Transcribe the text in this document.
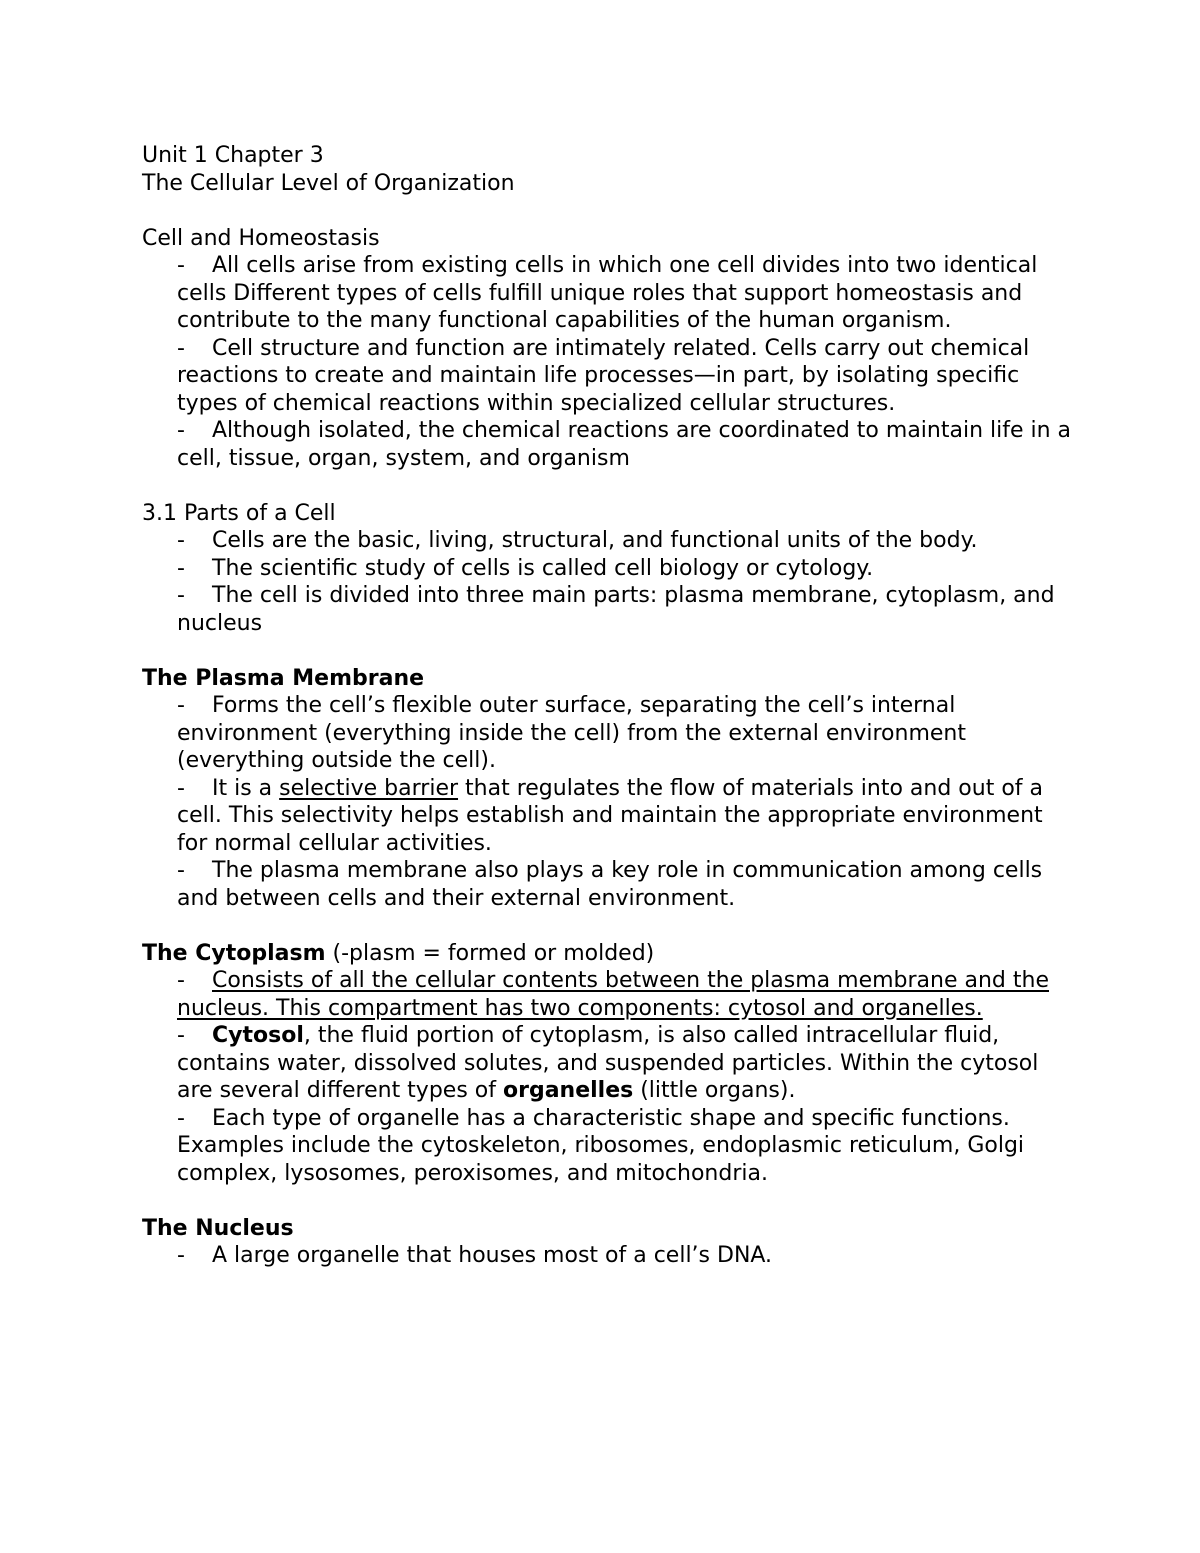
Unit 1 Chapter 3

The Cellular Level of Organization

Cell and Homeostasis

- All cells arise from existing cells in which one cell divides into two identical cells Different types of cells fulfill unique roles that support homeostasis and contribute to the many functional capabilities of the human organism.
- Cell structure and function are intimately related. Cells carry out chemical reactions to create and maintain life processes—in part, by isolating specific types of chemical reactions within specialized cellular structures.
- Although isolated, the chemical reactions are coordinated to maintain life in a cell, tissue, organ, system, and organism

3.1 Parts of a Cell

- Cells are the basic, living, structural, and functional units of the body.
- The scientific study of cells is called cell biology or cytology.
- The cell is divided into three main parts: plasma membrane, cytoplasm, and nucleus

The Plasma Membrane

- Forms the cell’s flexible outer surface, separating the cell’s internal environment (everything inside the cell) from the external environment (everything outside the cell).
- It is a selective barrier that regulates the flow of materials into and out of a cell. This selectivity helps establish and maintain the appropriate environment for normal cellular activities.
- The plasma membrane also plays a key role in communication among cells and between cells and their external environment.

The Cytoplasm (-plasm = formed or molded)

- Consists of all the cellular contents between the plasma membrane and the nucleus. This compartment has two components: cytosol and organelles.
- Cytosol, the fluid portion of cytoplasm, is also called intracellular fluid, contains water, dissolved solutes, and suspended particles. Within the cytosol are several different types of organelles (little organs).
- Each type of organelle has a characteristic shape and specific functions. Examples include the cytoskeleton, ribosomes, endoplasmic reticulum, Golgi complex, lysosomes, peroxisomes, and mitochondria.

The Nucleus

- A large organelle that houses most of a cell’s DNA.
